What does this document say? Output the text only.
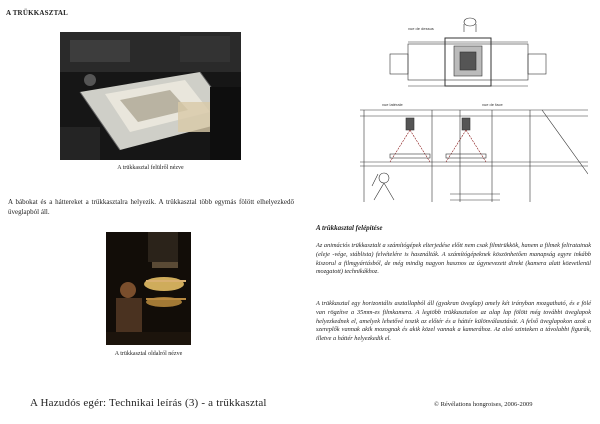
A TRÜKKASZTAL
A trükkasztal felülről nézve
A bábokat és a háttereket a trükkasztalra helyezik. A trükkasztal több egymás fölött elhelyezkedő üveglapból áll.
A trükkasztal oldalról nézve
vue de dessus
vue latérale	vue de face
A trükkasztal felépítése
Az animációs trükkasztalt a számítógépek elterjedése előtt nem csak filmtrükkök, hanem a filmek feliratainak (eleje -vége, stáblista) felvételére is használták. A számítógépeknek köszönhetően manapság egyre inkább kiszorul a filmgyártásból, de még mindig nagyon hasznos az úgynevezett direkt (kamera alatt közvetlenül mozgatott) technikákhoz.
A trükkasztal egy horizontális asztallapból áll (gyakran üveglap) amely két irányban mozgatható, és e fölé van rögzítve a 35mm-es filmkamera. A legtöbb trükkasztalon az alap lap fölött még további üveglapok helyezkednek el, amelyek lehetővé teszik az előtér és a háttér különválasztását. A felső üveglapokon azok a szereplők vannak akik mozognak és akik közel vannak a kamerához. Az alsó szinteken a távolabbi figurák, illetve a háttér helyezkedik el.
A Hazudós egér: Technikai leírás (3) - a trükkasztal	© Révélations hongroises, 2006-2009
